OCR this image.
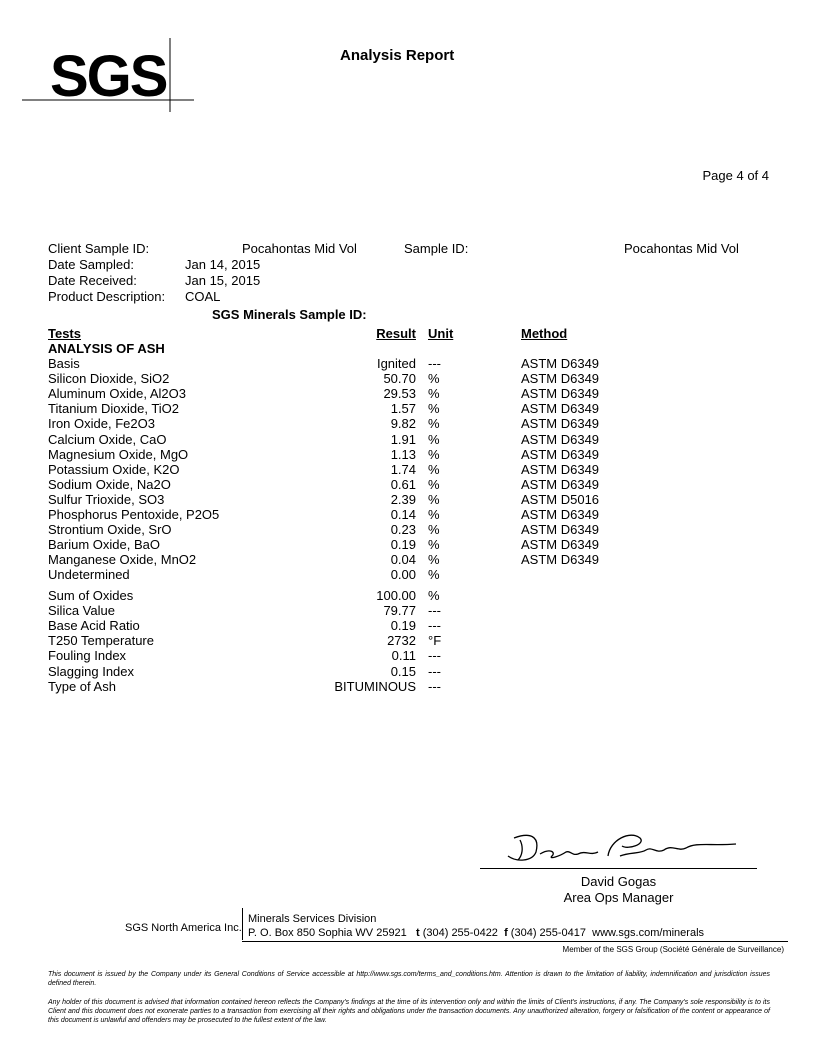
SGS	Analysis Report
Page 4 of 4
Client Sample ID:	Pocahontas Mid Vol	Sample ID:	Pocahontas Mid Vol
Date Sampled:	Jan 14, 2015
Date Received:	Jan 15, 2015
Product Description: COAL
SGS Minerals Sample ID:
Tests	Result Unit	Method
ANALYSIS OF ASH
Basis	Ignited ---	ASTM D6349
Silicon Dioxide, SiO2	50.70 %	ASTM D6349
Aluminum Oxide, Al2O3	29.53 %	ASTM D6349
Titanium Dioxide, TiO2	1.57 %	ASTM D6349
Iron Oxide, Fe2O3	9.82 %	ASTM D6349
Calcium Oxide, CaO	1.91 %	ASTM D6349
Magnesium Oxide, MgO	1.13 %	ASTM D6349
Potassium Oxide, K2O	1.74 %	ASTM D6349
Sodium Oxide, Na2O	0.61 %	ASTM D6349
Sulfur Trioxide, SO3	2.39 %	ASTM D5016
Phosphorus Pentoxide, P2O5	0.14 %	ASTM D6349
Strontium Oxide, SrO	0.23 %	ASTM D6349
Barium Oxide, BaO	0.19 %	ASTM D6349
Manganese Oxide, MnO2	0.04 %	ASTM D6349
Undetermined	0.00 %
Sum of Oxides	100.00 %
Silica Value	79.77 ---
Base Acid Ratio	0.19 ---
T250 Temperature	2732 °F
Fouling Index	0.11 ---
Slagging Index	0.15 ---
Type of Ash	BITUMINOUS ---
David Gogas
Area Ops Manager
SGS North America Inc.
Minerals Services Division
P. O. Box 850 Sophia WV 25921 t (304) 255-0422 f (304) 255-0417 www.sgs.com/minerals
Member of the SGS Group (Société Générale de Surveillance)
This document is issued by the Company under its General Conditions of Service accessible at http://www.sgs.com/terms_and_conditions.htm. Attention is drawn to the limitation of liability, indemnification and jurisdiction issues defined therein.
Any holder of this document is advised that information contained hereon reflects the Company's findings at the time of its intervention only and within the limits of Client's instructions, if any. The Company's sole responsibility is to its Client and this document does not exonerate parties to a transaction from exercising all their rights and obligations under the transaction documents. Any unauthorized alteration, forgery or falsification of the content or appearance of this document is unlawful and offenders may be prosecuted to the fullest extent of the law.
